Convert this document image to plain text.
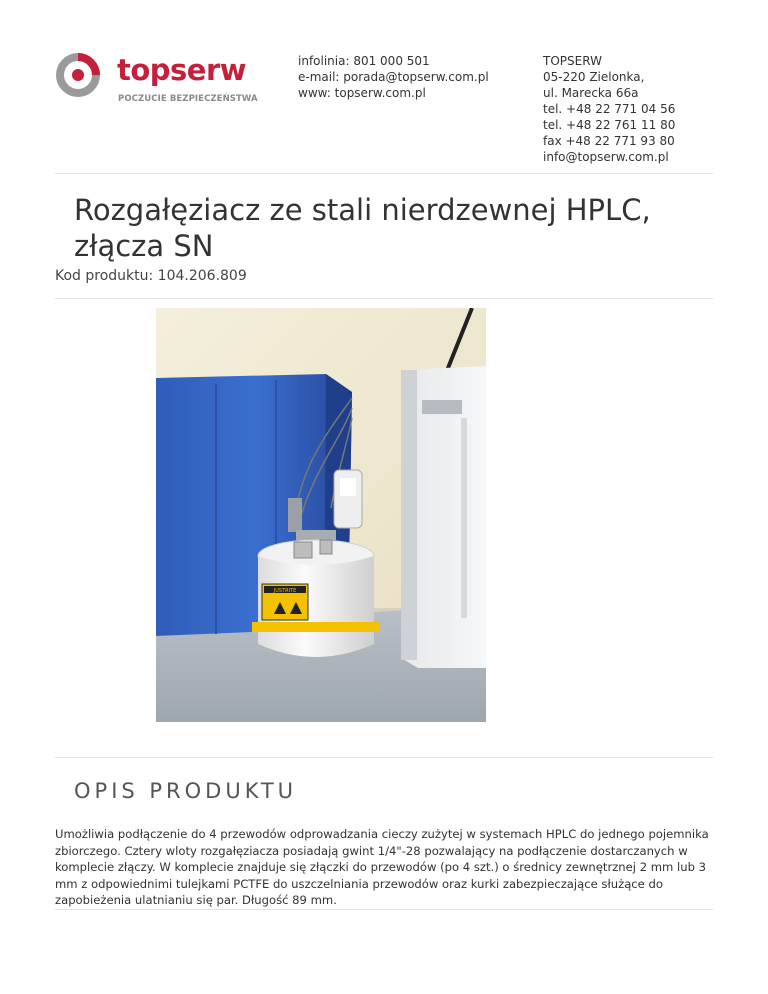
topserw
POCZUCIE BEZPIECZEŃSTWA
infolinia: 801 000 501
e-mail: porada@topserw.com.pl
www: topserw.com.pl
TOPSERW
05-220 Zielonka,
ul. Marecka 66a
tel. +48 22 771 04 56
tel. +48 22 761 11 80
fax +48 22 771 93 80
info@topserw.com.pl
Rozgałęziacz ze stali nierdzewnej HPLC, złącza SN
Kod produktu: 104.206.809
JUSTRITE
OPIS PRODUKTU

Umożliwia podłączenie do 4 przewodów odprowadzania cieczy zużytej w systemach HPLC do jednego pojemnika zbiorczego. Cztery wloty rozgałęziacza posiadają gwint 1/4"-28 pozwalający na podłączenie dostarczanych w komplecie złączy. W komplecie znajduje się złączki do przewodów (po 4 szt.) o średnicy zewnętrznej 2 mm lub 3 mm z odpowiednimi tulejkami PCTFE do uszczelniania przewodów oraz kurki zabezpieczające służące do zapobieżenia ulatnianiu się par. Długość 89 mm.
